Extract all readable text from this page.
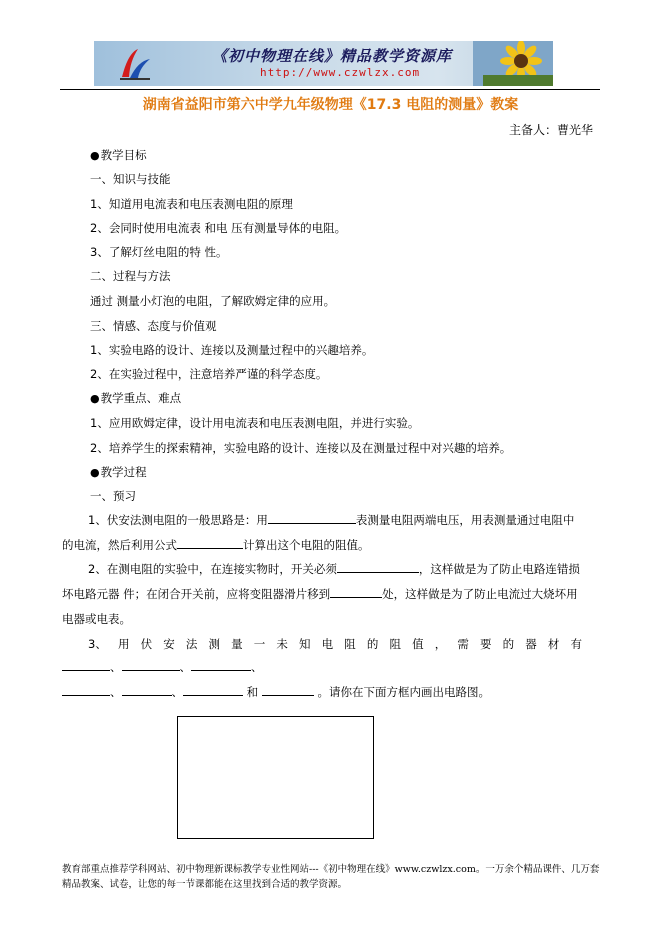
《初中物理在线》精品教学资源库
http://www.czwlzx.com
湖南省益阳市第六中学九年级物理《17.3 电阻的测量》教案
主备人：曹光华
● 教学目标
一、知识与技能
1、知道用电流表和电压表测电阻的原理
2、会同时使用电流表 和电 压有测量导体的电阻。
3、了解灯丝电阻的特 性。
二、过程与方法
通过 测量小灯泡的电阻，了解欧姆定律的应用。
三、情感、态度与价值观
1、实验电路的设计、连接以及测量过程中的兴趣培养。
2、在实验过程中，注意培养严谨的科学态度。
● 教学重点、难点
1、应用欧姆定律，设计用电流表和电压表测电阻，并进行实验。
2、培养学生的探索精神，实验电路的设计、连接以及在测量过程中对兴趣的培养。
● 教学过程
一、预习
1、伏安法测电阻的一般思路是：用	表测量电阻两端电压，用表测量通过电阻中的电流，然后利用公式	计算出这个电阻的阻值。
2、在测电阻的实验中，在连接实物时，开关必须	，这样做是为了防止电路连错损坏电路元器 件；在闭合开关前，应将变阻器滑片移到	处，这样做是为了防止电流过大烧坏用电器或电表。
3、 用 伏 安 法 测 量 一 未 知 电 阻 的 阻 值 ， 需 要 的 器 材 有
、	、	、
、	、	和	。请你在下面方框内画出电路图。
教育部重点推荐学科网站、初中物理新课标教学专业性网站---《初中物理在线》www.czwlzx.com。一万余个精品课件、几万套精品教案、试卷，让您的每一节课都能在这里找到合适的教学资源。
